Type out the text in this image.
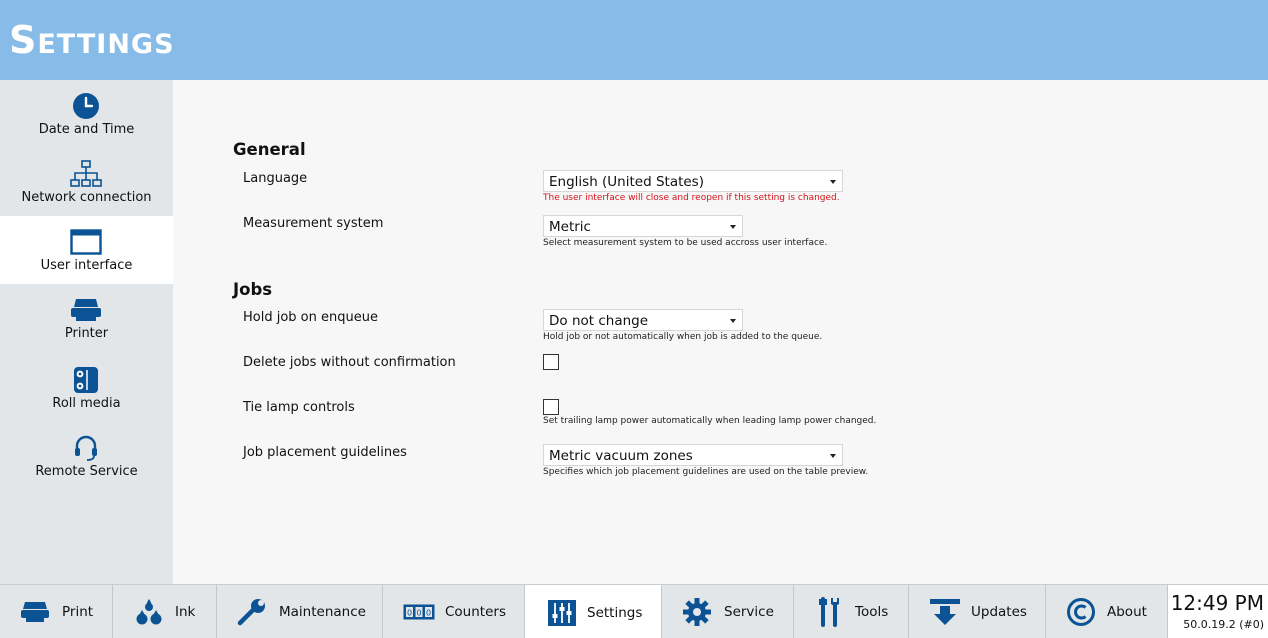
Settings
Date and Time
Network connection
User interface
Printer
Roll media
Remote Service
General
Language	English (United States)
The user interface will close and reopen if this setting is changed.
Measurement system	Metric
Select measurement system to be used accross user interface.
Jobs
Hold job on enqueue	Do not change
Hold job or not automatically when job is added to the queue.
Delete jobs without confirmation
Tie lamp controls
Set trailing lamp power automatically when leading lamp power changed.
Job placement guidelines	Metric vacuum zones
Specifies which job placement guidelines are used on the table preview.
Print	Ink	Maintenance	0 0 0 Counters	Settings	Service	Tools	Updates	About 12:49 PM
50.0.19.2 (#0)
